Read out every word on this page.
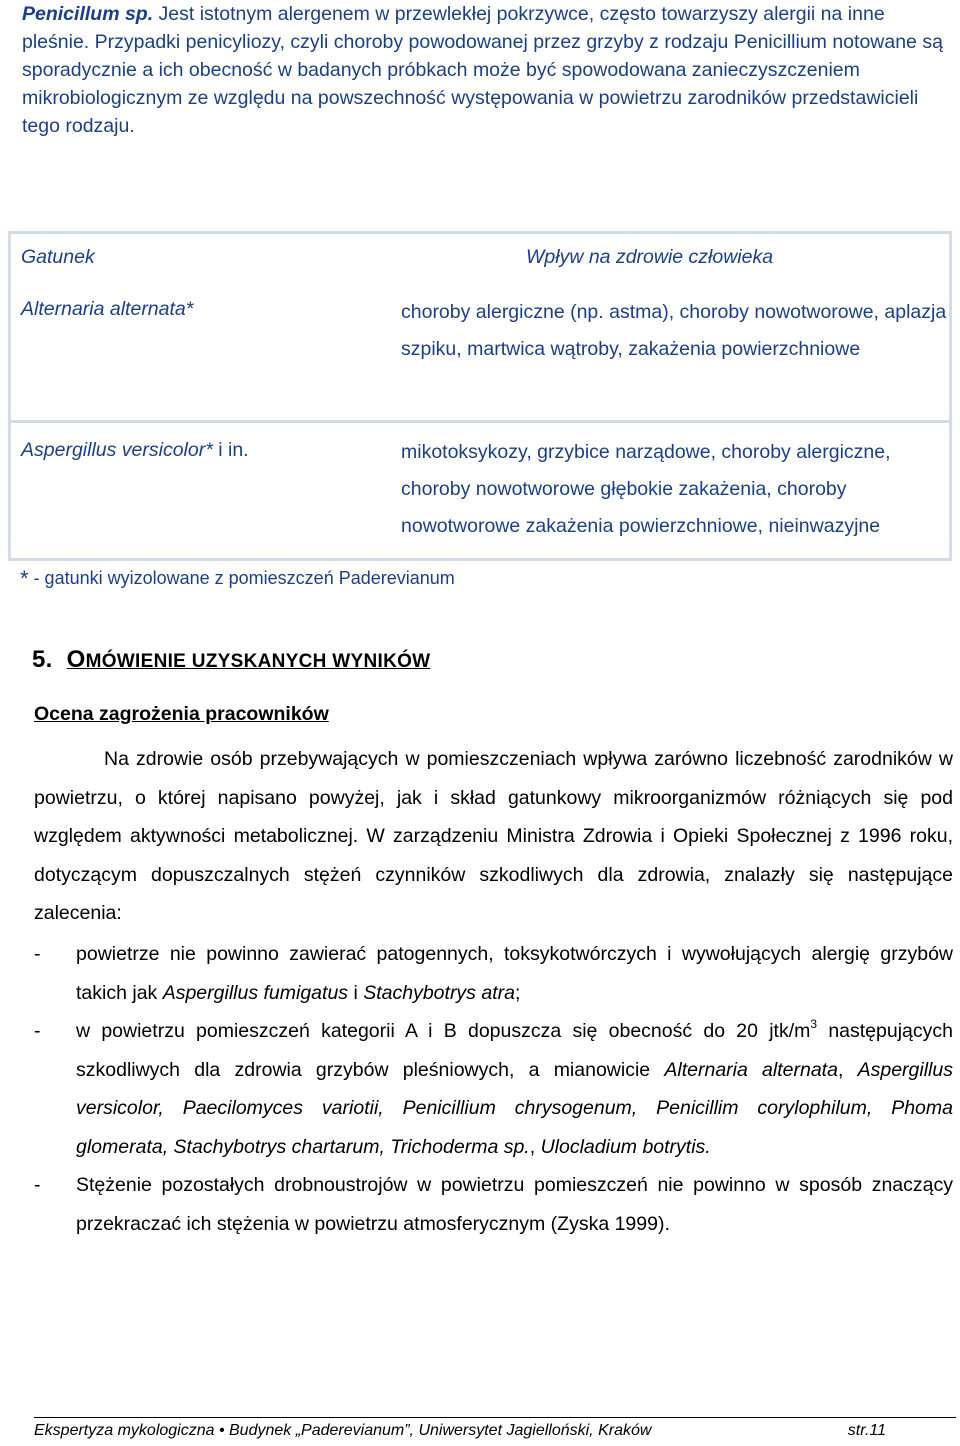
Penicillum sp. Jest istotnym alergenem w przewlekłej pokrzywce, często towarzyszy alergii na inne pleśnie. Przypadki penicyliozy, czyli choroby powodowanej przez grzyby z rodzaju Penicillium notowane są sporadycznie a ich obecność w badanych próbkach może być spowodowana zanieczyszczeniem mikrobiologicznym ze względu na powszechność występowania w powietrzu zarodników przedstawicieli tego rodzaju.
Gatunek	Wpływ na zdrowie człowieka
Alternaria alternata*	choroby alergiczne (np. astma), choroby nowotworowe, aplazja szpiku, martwica wątroby, zakażenia powierzchniowe
Aspergillus versicolor* i in.	mikotoksykozy, grzybice narządowe, choroby alergiczne, choroby nowotworowe głębokie zakażenia, choroby nowotworowe zakażenia powierzchniowe, nieinwazyjne
* - gatunki wyizolowane z pomieszczeń Paderevianum
5. OMÓWIENIE UZYSKANYCH WYNIKÓW
Ocena zagrożenia pracowników
Na zdrowie osób przebywających w pomieszczeniach wpływa zarówno liczebność zarodników w powietrzu, o której napisano powyżej, jak i skład gatunkowy mikroorganizmów różniących się pod względem aktywności metabolicznej. W zarządzeniu Ministra Zdrowia i Opieki Społecznej z 1996 roku, dotyczącym dopuszczalnych stężeń czynników szkodliwych dla zdrowia, znalazły się następujące zalecenia:
- powietrze nie powinno zawierać patogennych, toksykotwórczych i wywołujących alergię grzybów takich jak Aspergillus fumigatus i Stachybotrys atra;
- w powietrzu pomieszczeń kategorii A i B dopuszcza się obecność do 20 jtk/$m^3$ następujących szkodliwych dla zdrowia grzybów pleśniowych, a mianowicie Alternaria alternata, Aspergillus versicolor, Paecilomyces variotii, Penicillium chrysogenum, Penicillim corylophilum, Phoma glomerata, Stachybotrys chartarum, Trichoderma sp., Ulocladium botrytis.
- Stężenie pozostałych drobnoustrojów w powietrzu pomieszczeń nie powinno w sposób znaczący przekraczać ich stężenia w powietrzu atmosferycznym (Zyska 1999).
Ekspertyza mykologiczna • Budynek „Paderevianum”, Uniwersytet Jagielloński, Kraków	str.11
